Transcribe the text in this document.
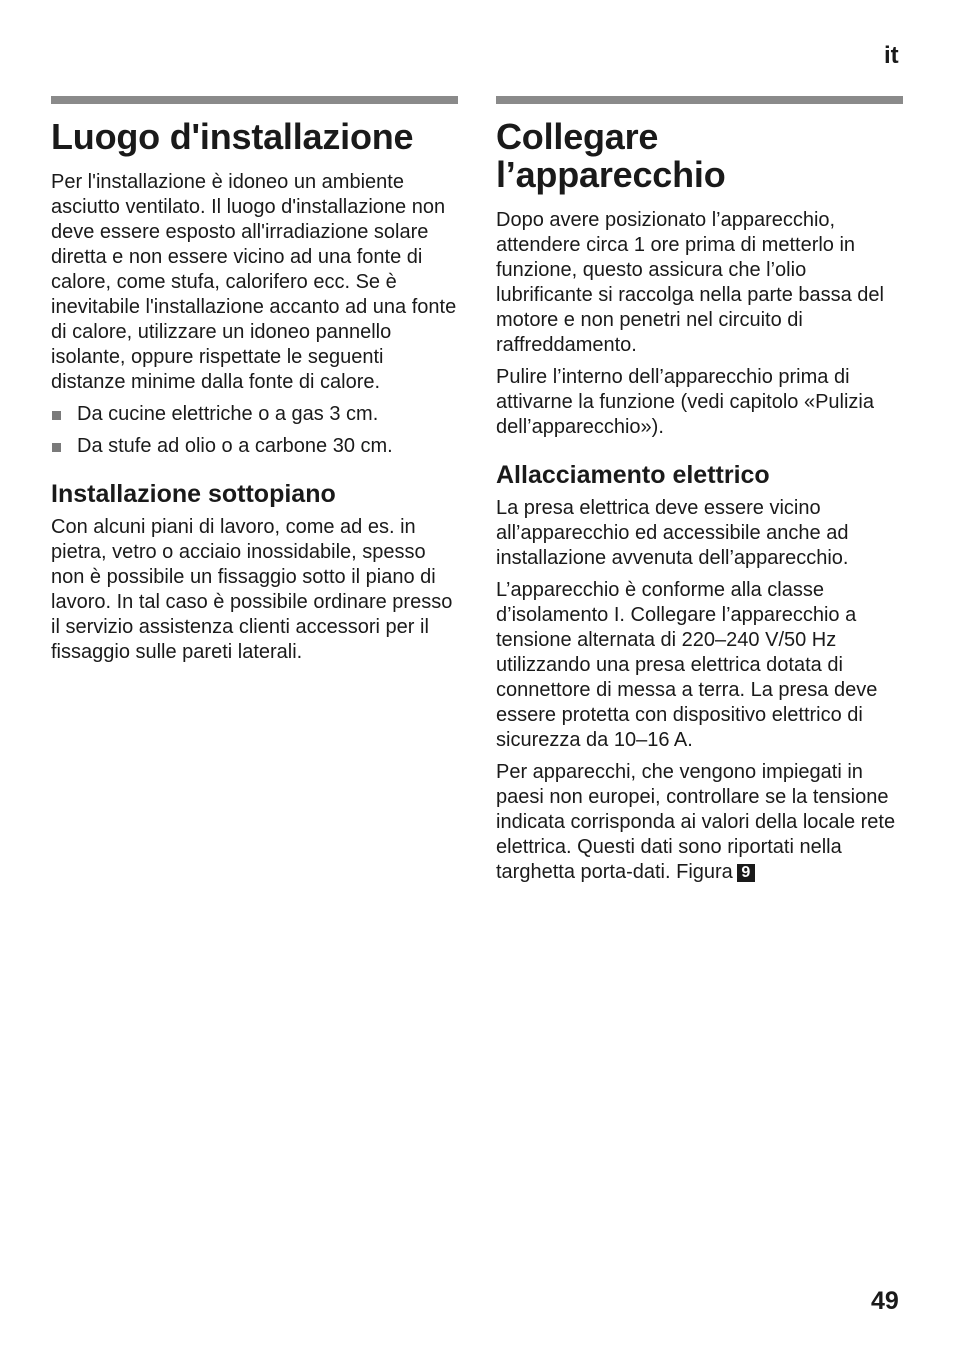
it
Luogo d'installazione

Per l'installazione è idoneo un ambiente asciutto ventilato. Il luogo d'installazione non deve essere esposto all'irradiazione solare diretta e non essere vicino ad una fonte di calore, come stufa, calorifero ecc. Se è inevitabile l'installazione accanto ad una fonte di calore, utilizzare un idoneo pannello isolante, oppure rispettate le seguenti distanze minime dalla fonte di calore.

Da cucine elettriche o a gas 3 cm.
Da stufe ad olio o a carbone 30 cm.
Installazione sottopiano

Con alcuni piani di lavoro, come ad es. in pietra, vetro o acciaio inossidabile, spesso non è possibile un fissaggio sotto il piano di lavoro. In tal caso è possibile ordinare presso il servizio assistenza clienti accessori per il fissaggio sulle pareti laterali.

Collegare
l’apparecchio

Dopo avere posizionato l’apparecchio, attendere circa 1 ore prima di metterlo in funzione, questo assicura che l’olio lubrificante si raccolga nella parte bassa del motore e non penetri nel circuito di raffreddamento.

Pulire l’interno dell’apparecchio prima di attivarne la funzione (vedi capitolo «Pulizia dell’apparecchio»).

Allacciamento elettrico

La presa elettrica deve essere vicino all’apparecchio ed accessibile anche ad installazione avvenuta dell’apparecchio.

L’apparecchio è conforme alla classe d’isolamento I. Collegare l’apparecchio a tensione alternata di 220–240 V/50 Hz utilizzando una presa elettrica dotata di connettore di messa a terra. La presa deve essere protetta con dispositivo elettrico di sicurezza da 10–16 A.

Per apparecchi, che vengono impiegati in paesi non europei, controllare se la tensione indicata corrisponda ai valori della locale rete elettrica. Questi dati sono riportati nella targhetta porta-dati. Figura 9

49
